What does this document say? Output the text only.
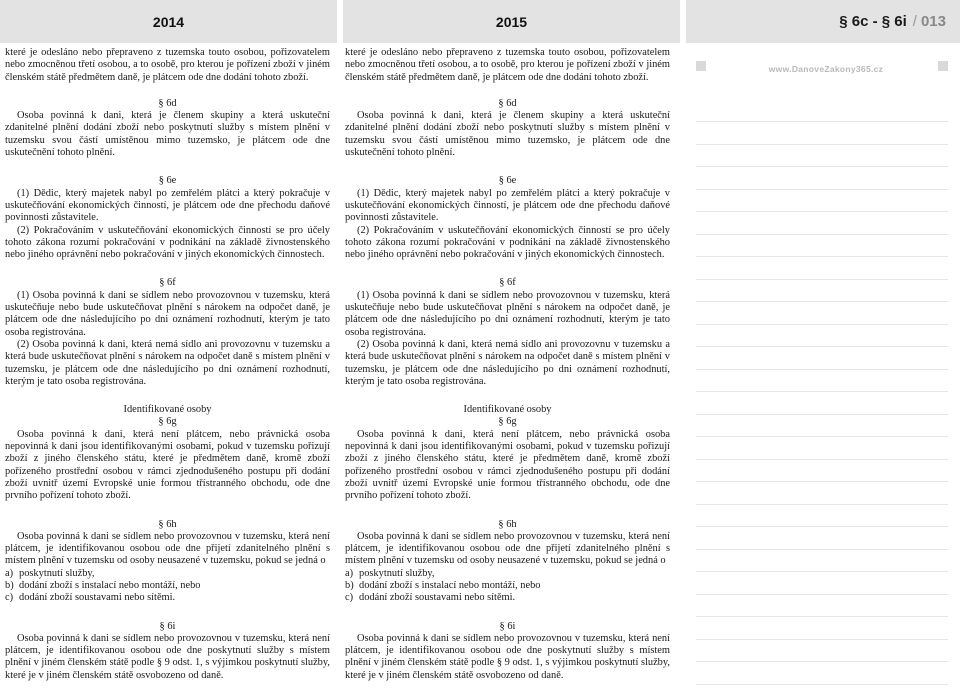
2014	2015	§ 6c - § 6i / 013
www.DanoveZakony365.cz

které je odesláno nebo přepraveno z tuzemska touto osobou, pořizovatelem nebo zmocněnou třetí osobou, a to osobě, pro kterou je pořízení zboží v jiném členském státě předmětem daně, je plátcem ode dne dodání tohoto zboží.

§ 6d

Osoba povinná k dani, která je členem skupiny a která uskuteční zdanitelné plnění dodání zboží nebo poskytnutí služby s místem plnění v tuzemsku svou částí umístěnou mimo tuzemsko, je plátcem ode dne uskutečnění tohoto plnění.

§ 6e

(1) Dědic, který majetek nabyl po zemřelém plátci a který pokračuje v uskutečňování ekonomických činností, je plátcem ode dne přechodu daňové povinnosti zůstavitele.

(2) Pokračováním v uskutečňování ekonomických činností se pro účely tohoto zákona rozumí pokračování v podnikání na základě živnostenského nebo jiného oprávnění nebo pokračování v jiných ekonomických činnostech.

§ 6f

(1) Osoba povinná k dani se sídlem nebo provozovnou v tuzemsku, která uskutečňuje nebo bude uskutečňovat plnění s nárokem na odpočet daně, je plátcem ode dne následujícího po dni oznámení rozhodnutí, kterým je tato osoba registrována.

(2) Osoba povinná k dani, která nemá sídlo ani provozovnu v tuzemsku a která bude uskutečňovat plnění s nárokem na odpočet daně s místem plnění v tuzemsku, je plátcem ode dne následujícího po dni oznámení rozhodnutí, kterým je tato osoba registrována.

Identifikované osoby

§ 6g

Osoba povinná k dani, která není plátcem, nebo právnická osoba nepovinná k dani jsou identifikovanými osobami, pokud v tuzemsku pořizují zboží z jiného členského státu, které je předmětem daně, kromě zboží pořízeného prostřední osobou v rámci zjednodušeného postupu při dodání zboží uvnitř území Evropské unie formou třístranného obchodu, ode dne prvního pořízení tohoto zboží.

§ 6h

Osoba povinná k dani se sídlem nebo provozovnou v tuzemsku, která není plátcem, je identifikovanou osobou ode dne přijetí zdanitelného plnění s místem plnění v tuzemsku od osoby neusazené v tuzemsku, pokud se jedná o

a) poskytnutí služby,
b) dodání zboží s instalací nebo montáží, nebo
c) dodání zboží soustavami nebo sítěmi.

§ 6i

Osoba povinná k dani se sídlem nebo provozovnou v tuzemsku, která není plátcem, je identifikovanou osobou ode dne poskytnutí služby s místem plnění v jiném členském státě podle § 9 odst. 1, s výjimkou poskytnutí služby, které je v jiném členském státě osvobozeno od daně.

které je odesláno nebo přepraveno z tuzemska touto osobou, pořizovatelem nebo zmocněnou třetí osobou, a to osobě, pro kterou je pořízení zboží v jiném členském státě předmětem daně, je plátcem ode dne dodání tohoto zboží.

§ 6d

Osoba povinná k dani, která je členem skupiny a která uskuteční zdanitelné plnění dodání zboží nebo poskytnutí služby s místem plnění v tuzemsku svou částí umístěnou mimo tuzemsko, je plátcem ode dne uskutečnění tohoto plnění.

§ 6e

(1) Dědic, který majetek nabyl po zemřelém plátci a který pokračuje v uskutečňování ekonomických činností, je plátcem ode dne přechodu daňové povinnosti zůstavitele.

(2) Pokračováním v uskutečňování ekonomických činností se pro účely tohoto zákona rozumí pokračování v podnikání na základě živnostenského nebo jiného oprávnění nebo pokračování v jiných ekonomických činnostech.

§ 6f

(1) Osoba povinná k dani se sídlem nebo provozovnou v tuzemsku, která uskutečňuje nebo bude uskutečňovat plnění s nárokem na odpočet daně, je plátcem ode dne následujícího po dni oznámení rozhodnutí, kterým je tato osoba registrována.

(2) Osoba povinná k dani, která nemá sídlo ani provozovnu v tuzemsku a která bude uskutečňovat plnění s nárokem na odpočet daně s místem plnění v tuzemsku, je plátcem ode dne následujícího po dni oznámení rozhodnutí, kterým je tato osoba registrována.

Identifikované osoby

§ 6g

Osoba povinná k dani, která není plátcem, nebo právnická osoba nepovinná k dani jsou identifikovanými osobami, pokud v tuzemsku pořizují zboží z jiného členského státu, které je předmětem daně, kromě zboží pořízeného prostřední osobou v rámci zjednodušeného postupu při dodání zboží uvnitř území Evropské unie formou třístranného obchodu, ode dne prvního pořízení tohoto zboží.

§ 6h

Osoba povinná k dani se sídlem nebo provozovnou v tuzemsku, která není plátcem, je identifikovanou osobou ode dne přijetí zdanitelného plnění s místem plnění v tuzemsku od osoby neusazené v tuzemsku, pokud se jedná o

a) poskytnutí služby,
b) dodání zboží s instalací nebo montáží, nebo
c) dodání zboží soustavami nebo sítěmi.

§ 6i

Osoba povinná k dani se sídlem nebo provozovnou v tuzemsku, která není plátcem, je identifikovanou osobou ode dne poskytnutí služby s místem plnění v jiném členském státě podle § 9 odst. 1, s výjimkou poskytnutí služby, které je v jiném členském státě osvobozeno od daně.
